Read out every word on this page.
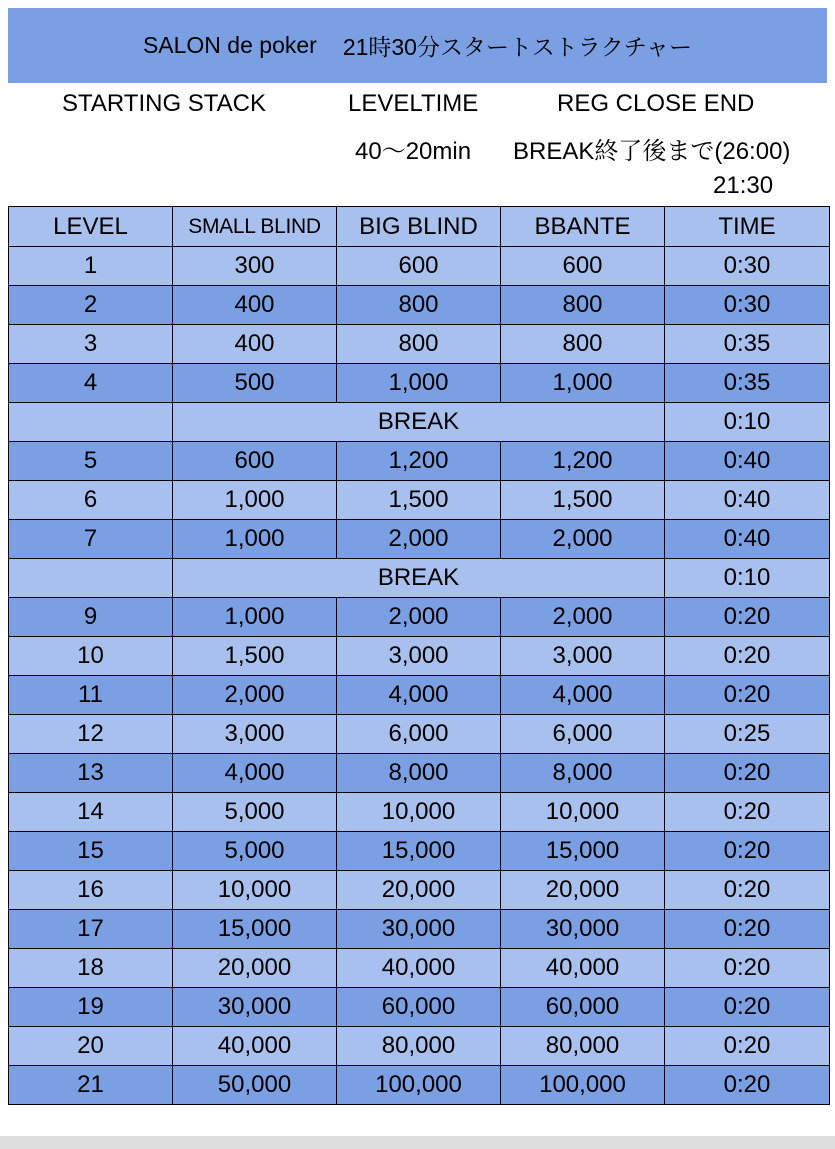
SALON de poker 21時30分スタートストラクチャー
STARTING STACK	LEVELTIME	REG CLOSE END
40〜20min BREAK終了後まで(26:00)
21:30
LEVEL	SMALL BLIND	BIG BLIND	BBANTE	TIME
1	300	600	600	0:30
2	400	800	800	0:30
3	400	800	800	0:35
4	500	1,000	1,000	0:35
	BREAK			0:10
5	600	1,200	1,200	0:40
6	1,000	1,500	1,500	0:40
7	1,000	2,000	2,000	0:40
	BREAK			0:10
9	1,000	2,000	2,000	0:20
10	1,500	3,000	3,000	0:20
11	2,000	4,000	4,000	0:20
12	3,000	6,000	6,000	0:25
13	4,000	8,000	8,000	0:20
14	5,000	10,000	10,000	0:20
15	5,000	15,000	15,000	0:20
16	10,000	20,000	20,000	0:20
17	15,000	30,000	30,000	0:20
18	20,000	40,000	40,000	0:20
19	30,000	60,000	60,000	0:20
20	40,000	80,000	80,000	0:20
21	50,000	100,000	100,000	0:20
